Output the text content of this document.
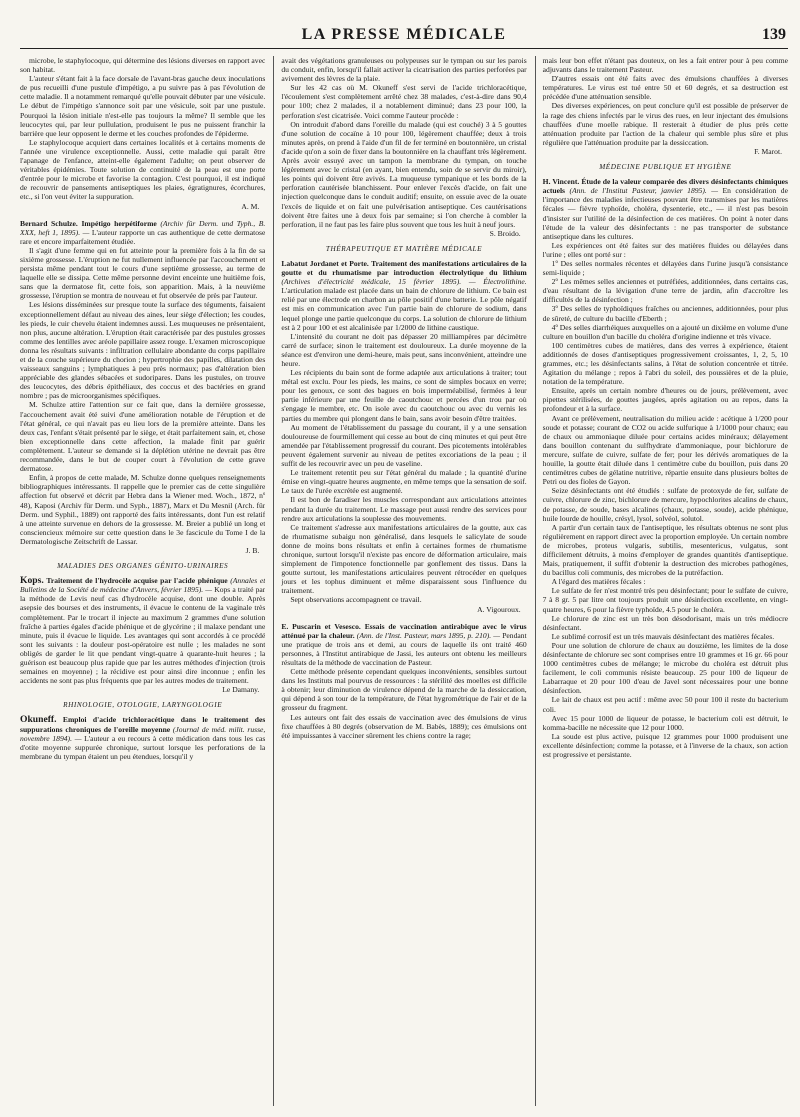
LA PRESSE MÉDICALE	139

microbe, le staphylocoque, qui détermine des lésions diverses en rapport avec son habitat.

L'auteur s'étant fait à la face dorsale de l'avant-bras gauche deux inoculations de pus recueilli d'une pustule d'impétigo, a pu suivre pas à pas l'évolution de cette maladie. Il a notamment remarqué qu'elle pouvait débuter par une vésicule. Le début de l'impétigo s'annonce soit par une vésicule, soit par une pustule. Pourquoi la lésion initiale n'est-elle pas toujours la même? Il semble que les leucocytes qui, par leur pullulation, produisent le pus ne puissent franchir la barrière que leur opposent le derme et les couches profondes de l'épiderme.

Le staphylocoque acquiert dans certaines localités et à certains moments de l'année une virulence exceptionnelle. Aussi, cette maladie qui paraît être l'apanage de l'enfance, atteint-elle également l'adulte; on peut observer de véritables épidémies. Toute solution de continuité de la peau est une porte d'entrée pour le microbe et favorise la contagion. C'est pourquoi, il est indiqué de recouvrir de pansements antiseptiques les plaies, égratignures, écorchures, etc., si l'on veut éviter la suppuration.

A. M.

Bernard Schulze. Impétigo herpétiforme (Archiv für Derm. und Typh., B. XXX, heft 1, 1895). — L'auteur rapporte un cas authentique de cette dermatose rare et encore imparfaitement étudiée.

Il s'agit d'une femme qui en fut atteinte pour la première fois à la fin de sa sixième grossesse. L'éruption ne fut nullement influencée par l'accouchement et persista même pendant tout le cours d'une septième grossesse, au terme de laquelle elle se dissipa. Cette même personne devint enceinte une huitième fois, sans que la dermatose fit, cette fois, son apparition. Mais, à la neuvième grossesse, l'éruption se montra de nouveau et fut observée de près par l'auteur.

Les lésions disséminées sur presque toute la surface des téguments, faisaient exceptionnellement défaut au niveau des aines, leur siège d'élection; les coudes, les pieds, le cuir chevelu étaient indemnes aussi. Les muqueuses ne présentaient, non plus, aucune altération. L'éruption était caractérisée par des pustules grosses comme des lentilles avec aréole papillaire assez rouge. L'examen microscopique donna les résultats suivants : infiltration cellulaire abondante du corps papillaire et de la couche supérieure du chorion ; hypertrophie des papilles, dilatation des vaisseaux sanguins ; lymphatiques à peu près normaux; pas d'altération bien appréciable des glandes sébacées et sudoripares. Dans les pustules, on trouve des leucocytes, des débris épithéliaux, des coccus et des bactéries en grand nombre ; pas de microorganismes spécifiques.

M. Schulze attire l'attention sur ce fait que, dans la dernière grossesse, l'accouchement avait été suivi d'une amélioration notable de l'éruption et de l'état général, ce qui n'avait pas eu lieu lors de la première atteinte. Dans les deux cas, l'enfant s'était présenté par le siège, et était parfaitement sain, et, chose bien exceptionnelle dans cette affection, la malade finit par guérir complètement. L'auteur se demande si la déplétion utérine ne devrait pas être recommandée, dans le but de couper court à l'évolution de cette grave dermatose.

Enfin, à propos de cette malade, M. Schulze donne quelques renseignements bibliographiques intéressants. Il rappelle que le premier cas de cette singulière affection fut observé et décrit par Hebra dans la Wiener med. Woch., 1872, nº 48), Kaposi (Archiv für Derm. und Syph., 1887), Marx et Du Mesnil (Arch. für Derm. und Syphil., 1889) ont rapporté des faits intéressants, dont l'un est relatif à une atteinte survenue en dehors de la grossesse. M. Breier a publié un long et consciencieux mémoire sur cette question dans le 3e fascicule du Tome I de la Dermatologische Zeitschrift de Lassar.

J. B.

MALADIES DES ORGANES GÉNITO-URINAIRES

Kops. Traitement de l'hydrocèle acquise par l'acide phénique (Annales et Bulletins de la Société de médecine d'Anvers, février 1895). — Kops a traité par la méthode de Levis neuf cas d'hydrocèle acquise, dont une double. Après asepsie des bourses et des instruments, il évacue le contenu de la vaginale très complètement. Par le trocart il injecte au maximum 2 grammes d'une solution fraîche à parties égales d'acide phénique et de glycérine ; il malaxe pendant une minute, puis il évacue le liquide. Les avantages qui sont accordés à ce procédé sont les suivants : la douleur post-opératoire est nulle ; les malades ne sont obligés de garder le lit que pendant vingt-quatre à quarante-huit heures ; la guérison est beaucoup plus rapide que par les autres méthodes d'injection (trois semaines en moyenne) ; la récidive est pour ainsi dire inconnue ; enfin les accidents ne sont pas plus fréquents que par les autres modes de traitement.

Le Damany.

RHINOLOGIE, OTOLOGIE, LARYNGOLOGIE

Okuneff. Emploi d'acide trichloracétique dans le traitement des suppurations chroniques de l'oreille moyenne (Journal de méd. milit. russe, novembre 1894). — L'auteur a eu recours à cette médication dans tous les cas d'otite moyenne suppurée chronique, surtout lorsque les perforations de la membrane du tympan étaient un peu étendues, lorsqu'il y

avait des végétations granuleuses ou polypeuses sur le tympan ou sur les parois du conduit, enfin, lorsqu'il fallait activer la cicatrisation des parties perforées par avivement des lèvres de la plaie.

Sur les 42 cas où M. Okuneff s'est servi de l'acide trichloracétique, l'écoulement s'est complètement arrêté chez 38 malades, c'est-à-dire dans 90,4 pour 100; chez 2 malades, il a notablement diminué; dans 23 pour 100, la perforation s'est cicatrisée. Voici comme l'auteur procède :

On introduit d'abord dans l'oreille du malade (qui est couché) 3 à 5 gouttes d'une solution de cocaïne à 10 pour 100, légèrement chauffée; deux à trois minutes après, on prend à l'aide d'un fil de fer terminé en boutonnière, un cristal d'acide qu'on a soin de fixer dans la boutonnière en la chauffant très légèrement. Après avoir essuyé avec un tampon la membrane du tympan, on touche légèrement avec le cristal (en ayant, bien entendu, soin de se servir du miroir), les points qui doivent être avivés. La muqueuse tympanique et les bords de la perforation cautérisée blanchissent. Pour enlever l'excès d'acide, on fait une injection quelconque dans le conduit auditif; ensuite, on essuie avec de la ouate l'excès de liquide et on fait une pulvérisation antiseptique. Ces cautérisations doivent être faites une à deux fois par semaine; si l'on cherche à combler la perforation, il ne faut pas les faire plus souvent que tous les huit à neuf jours.

S. Broido.

THÉRAPEUTIQUE ET MATIÈRE MÉDICALE

Labatut Jordanet et Porte. Traitement des manifestations articulaires de la goutte et du rhumatisme par introduction électrolytique du lithium (Archives d'électricité médicale, 15 février 1895). — Électrolithine. L'articulation malade est placée dans un bain de chlorure de lithium. Ce bain est relié par une électrode en charbon au pôle positif d'une batterie. Le pôle négatif est mis en communication avec l'un partie bain de chlorure de sodium, dans lequel plonge une partie quelconque du corps. La solution de chlorure de lithium est à 2 pour 100 et est alcalinisée par 1/2000 de lithine caustique.

L'intensité du courant ne doit pas dépasser 20 milliampères par décimètre carré de surface; sinon le traitement est douloureux. La durée moyenne de la séance est d'environ une demi-heure, mais peut, sans inconvénient, atteindre une heure.

Les récipients du bain sont de forme adaptée aux articulations à traiter; tout métal est exclu. Pour les pieds, les mains, ce sont de simples bocaux en verre; pour les genoux, ce sont des bagues en bois imperméabilisé, fermées à leur partie inférieure par une feuille de caoutchouc et percées d'un trou par où s'engage le membre, etc. On isole avec du caoutchouc ou avec du vernis les parties du membre qui plongent dans le bain, sans avoir besoin d'être traitées.

Au moment de l'établissement du passage du courant, il y a une sensation douloureuse de fourmillement qui cesse au bout de cinq minutes et qui peut être amendée par l'établissement progressif du courant. Des picotements intolérables peuvent également survenir au niveau de petites excoriations de la peau ; il suffit de les recouvrir avec un peu de vaseline.

Le traitement retentit peu sur l'état général du malade ; la quantité d'urine émise en vingt-quatre heures augmente, en même temps que la sensation de soif. Le taux de l'urée excrétée est augmenté.

Il est bon de faradiser les muscles correspondant aux articulations atteintes pendant la durée du traitement. Le massage peut aussi rendre des services pour rendre aux articulations la souplesse des mouvements.

Ce traitement s'adresse aux manifestations articulaires de la goutte, aux cas de rhumatisme subaigu non généralisé, dans lesquels le salicylate de soude donne de moins bons résultats et enfin à certaines formes de rhumatisme chronique, surtout lorsqu'il n'existe pas encore de déformation articulaire, mais simplement de l'impotence fonctionnelle par gonflement des tissus. Dans la goutte surtout, les manifestations articulaires peuvent rétrocéder en quelques jours et les tophus diminuent et même disparaissent sous l'influence du traitement.

Sept observations accompagnent ce travail.

A. Vigouroux.

E. Puscarin et Vesesco. Essais de vaccination antirabique avec le virus atténué par la chaleur. (Ann. de l'Inst. Pasteur, mars 1895, p. 210). — Pendant une pratique de trois ans et demi, au cours de laquelle ils ont traité 460 personnes, à l'Institut antirabique de Jassi, les auteurs ont obtenu les meilleurs résultats de la méthode de vaccination de Pasteur.

Cette méthode présente cependant quelques inconvénients, sensibles surtout dans les Instituts mal pourvus de ressources : la stérilité des moelles est difficile à obtenir; leur diminution de virulence dépend de la marche de la dessiccation, qui dépend à son tour de la température, de l'état hygrométrique de l'air et de la grosseur du fragment.

Les auteurs ont fait des essais de vaccination avec des émulsions de virus fixe chauffées à 80 degrés (observation de M. Babès, 1889); ces émulsions ont été impuissantes à vacciner sûrement les chiens contre la rage;

mais leur bon effet n'étant pas douteux, on les a fait entrer pour à peu comme adjuvants dans le traitement Pasteur.

D'autres essais ont été faits avec des émulsions chauffées à diverses températures. Le virus est tué entre 50 et 60 degrés, et sa destruction est précédée d'une atténuation sensible.

Des diverses expériences, on peut conclure qu'il est possible de préserver de la rage des chiens infectés par le virus des rues, en leur injectant des émulsions chauffées d'une moelle rabique. Il resterait à étudier de plus près cette atténuation produite par l'action de la chaleur qui semble plus sûre et plus régulière que l'atténuation produite par la dessiccation.

F. Marot.

MÉDECINE PUBLIQUE ET HYGIÈNE

H. Vincent. Étude de la valeur comparée des divers désinfectants chimiques actuels (Ann. de l'Institut Pasteur, janvier 1895). — En considération de l'importance des maladies infectieuses pouvant être transmises par les matières fécales — fièvre typhoïde, choléra, dysenterie, etc., — il n'est pas besoin d'insister sur l'utilité de la désinfection de ces matières. On point à noter dans l'étude de la valeur des désinfectants : ne pas transporter de substance antiseptique dans les cultures.

Les expériences ont été faites sur des matières fluides ou délayées dans l'urine ; elles ont porté sur :

1º Des selles normales récentes et délayées dans l'urine jusqu'à consistance semi-liquide ;

2º Les mêmes selles anciennes et putréfiées, additionnées, dans certains cas, d'eau résultant de la lévigation d'une terre de jardin, afin d'accroître les difficultés de la désinfection ;

3º Des selles de typhoïdiques fraîches ou anciennes, additionnées, pour plus de sûreté, de culture du bacille d'Eberth ;

4º Des selles diarrhéiques auxquelles on a ajouté un dixième en volume d'une culture en bouillon d'un bacille du choléra d'origine indienne et très vivace.

100 centimètres cubes de matières, dans des verres à expérience, étaient additionnés de doses d'antiseptiques progressivement croissantes, 1, 2, 5, 10 grammes, etc.; les désinfectants salins, à l'état de solution concentrée et titrée. Agitation du mélange ; repos à l'abri du soleil, des poussières et de la pluie, notation de la température.

Ensuite, après un certain nombre d'heures ou de jours, prélèvement, avec pipettes stérilisées, de gouttes jaugées, après agitation ou au repos, dans la profondeur et à la surface.

Avant ce prélèvement, neutralisation du milieu acide : acétique à 1/200 pour soude et potasse; courant de CO2 ou acide sulfurique à 1/1000 pour chaux; eau de chaux ou ammoniaque diluée pour certains acides minéraux; délayement dans bouillon contenant du sulfhydrate d'ammoniaque, pour bichlorure de mercure, sulfate de cuivre, sulfate de fer; pour les dérivés aromatiques de la houille, la goutte était diluée dans 1 centimètre cube du bouillon, puis dans 20 centimètres cubes de gélatine nutritive, répartie ensuite dans plusieurs boîtes de Petri ou des fioles de Gayon.

Seize désinfectants ont été étudiés : sulfate de protoxyde de fer, sulfate de cuivre, chlorure de zinc, bichlorure de mercure, hypochlorites alcalins de chaux, de potasse, de soude, bases alcalines (chaux, potasse, soude), acide phénique, huile lourde de houille, crésyl, lysol, solvéol, solutol.

A partir d'un certain taux de l'antiseptique, les résultats obtenus ne sont plus régulièrement en rapport direct avec la proportion employée. Un certain nombre de microbes, proteus vulgaris, subtilis, mesentericus, vulgatus, sont difficilement détruits, à moins d'employer de grandes quantités d'antiseptique. Mais, pratiquement, il suffit d'obtenir la destruction des microbes pathogènes, du bacillus coli communis, des microbes de la putréfaction.

A l'égard des matières fécales :

Le sulfate de fer n'est montré très peu désinfectant; pour le sulfate de cuivre, 7 à 8 gr. 5 par litre ont toujours produit une désinfection excellente, en vingt-quatre heures, 6 pour la fièvre typhoïde, 4.5 pour le choléra.

Le chlorure de zinc est un très bon désodorisant, mais un très médiocre désinfectant.

Le sublimé corrosif est un très mauvais désinfectant des matières fécales.

Pour une solution de chlorure de chaux au douzième, les limites de la dose désinfectante de chlorure sec sont comprises entre 10 grammes et 16 gr. 66 pour 1000 centimètres cubes de mélange; le microbe du choléra est détruit plus facilement, le coli communis résiste beaucoup. 25 pour 100 de liqueur de Labarraque et 20 pour 100 d'eau de Javel sont nécessaires pour une bonne désinfection.

Le lait de chaux est peu actif : même avec 50 pour 100 il reste du bacterium coli.

Avec 15 pour 1000 de liqueur de potasse, le bacterium coli est détruit, le komma-bacille ne nécessite que 12 pour 1000.

La soude est plus active, puisque 12 grammes pour 1000 produisent une excellente désinfection; comme la potasse, et à l'inverse de la chaux, son action est progressive et persistante.
